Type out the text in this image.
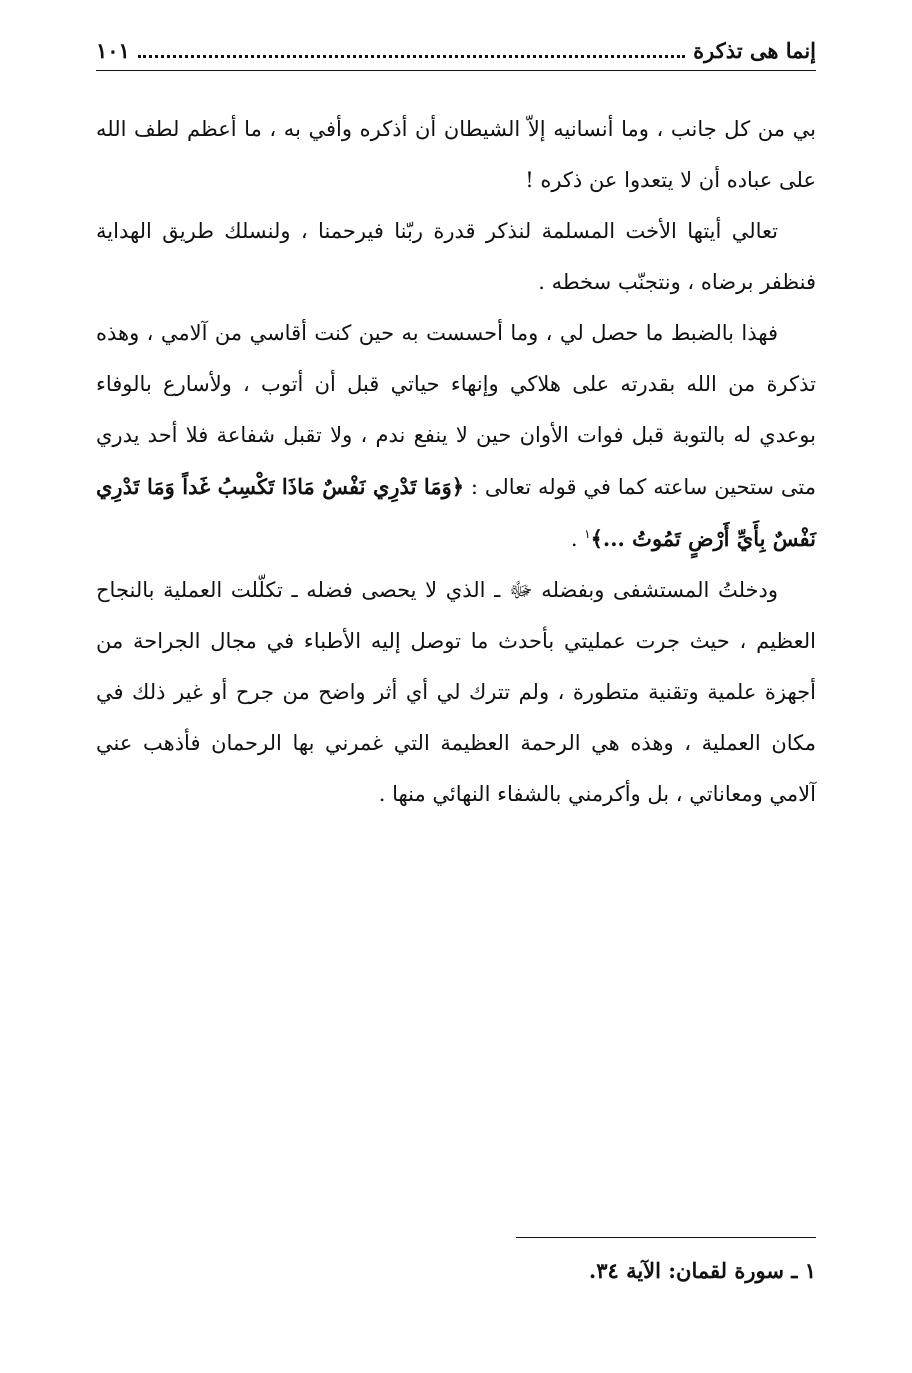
إنما هى تذكرة
١٠١

بي من كل جانب ، وما أنسانيه إلاّ الشيطان أن أذكره وأفي به ، ما أعظم لطف الله على عباده أن لا يتعدوا عن ذكره !

تعالي أيتها الأخت المسلمة لنذكر قدرة ربّنا فيرحمنا ، ولنسلك طريق الهداية فنظفر برضاه ، ونتجنّب سخطه .

فهذا بالضبط ما حصل لي ، وما أحسست به حين كنت أقاسي من آلامي ، وهذه تذكرة من الله بقدرته على هلاكي وإنهاء حياتي قبل أن أتوب ، ولأسارع بالوفاء بوعدي له بالتوبة قبل فوات الأوان حين لا ينفع ندم ، ولا تقبل شفاعة فلا أحد يدري متى ستحين ساعته كما في قوله تعالى : ﴿وَمَا تَدْرِي نَفْسٌ مَاذَا تَكْسِبُ غَداً وَمَا تَدْرِي نَفْسٌ بِأَيِّ أَرْضٍ تَمُوتُ ...﴾$^١$ .

ودخلتُ المستشفى وبفضله ﷻ ـ الذي لا يحصى فضله ـ تكلّلت العملية بالنجاح العظيم ، حيث جرت عمليتي بأحدث ما توصل إليه الأطباء في مجال الجراحة من أجهزة علمية وتقنية متطورة ، ولم تترك لي أي أثر واضح من جرح أو غير ذلك في مكان العملية ، وهذه هي الرحمة العظيمة التي غمرني بها الرحمان فأذهب عني آلامي ومعاناتي ، بل وأكرمني بالشفاء النهائي منها .

١ ـ سورة لقمان: الآية ٣٤.
